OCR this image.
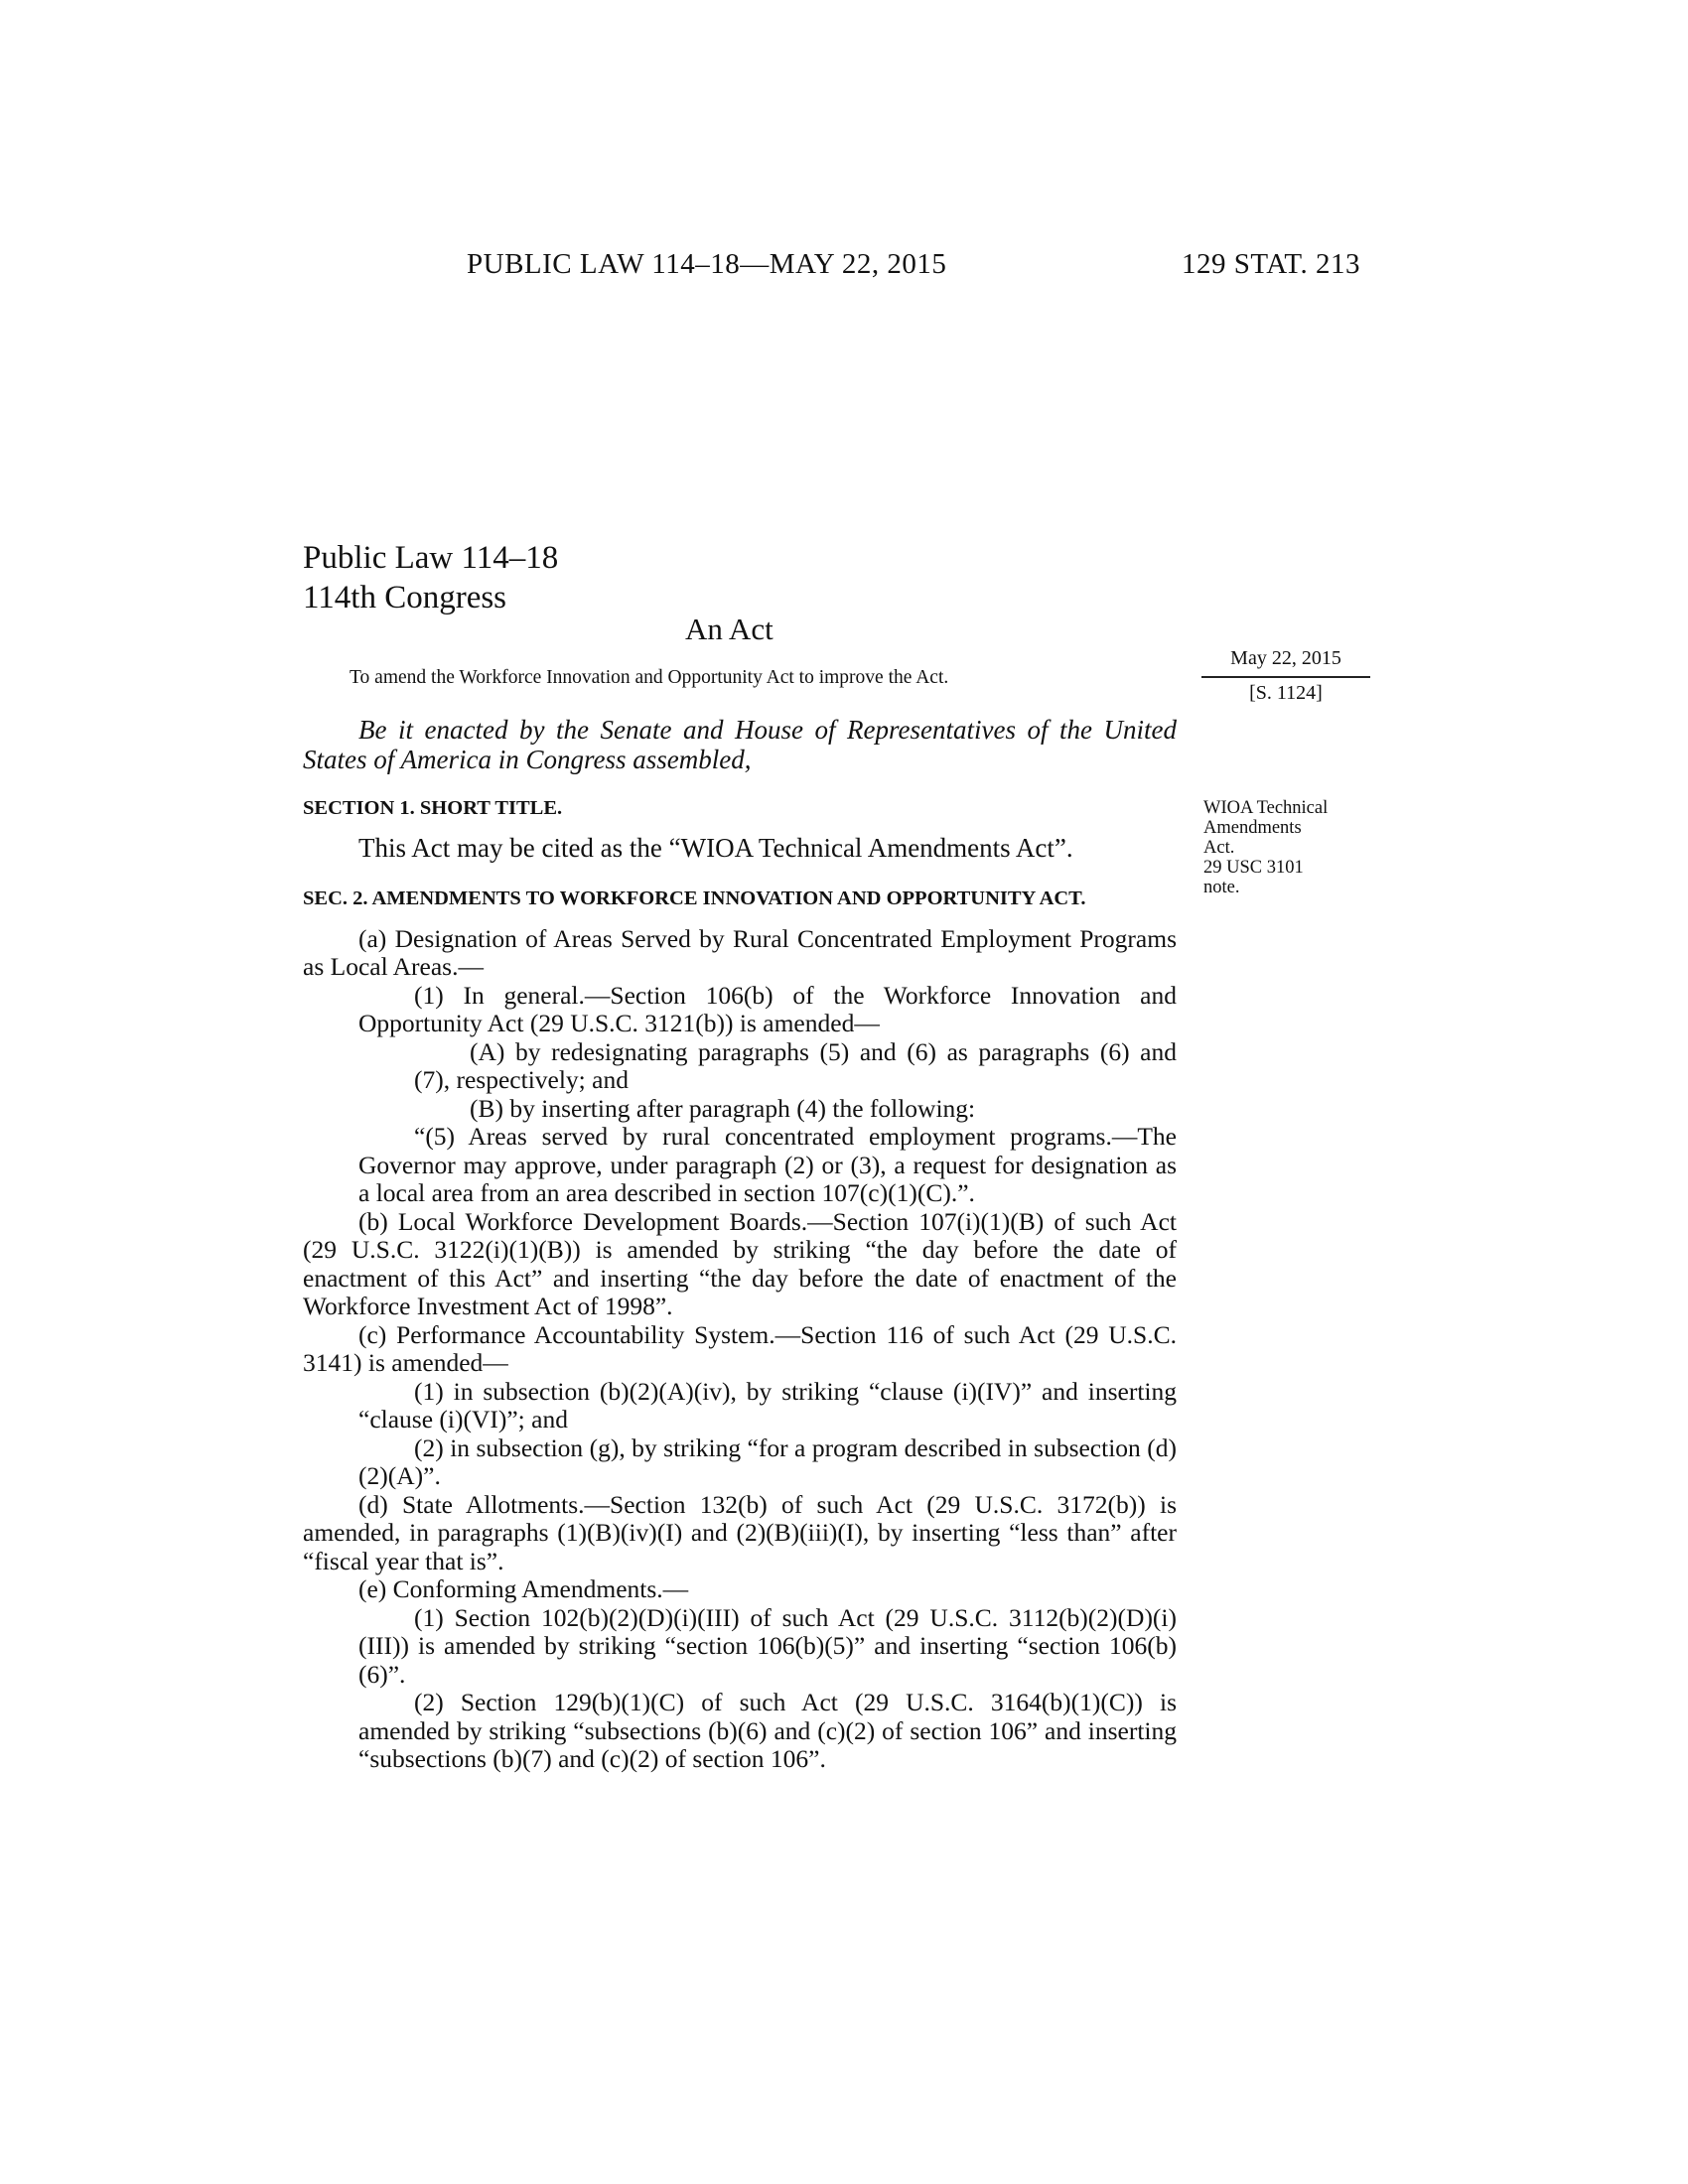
PUBLIC LAW 114–18—MAY 22, 2015	129 STAT. 213
Public Law 114–18
114th Congress
An Act
To amend the Workforce Innovation and Opportunity Act to improve the Act.
May 22, 2015
[S. 1124]
WIOA Technical
Amendments
Act.
29 USC 3101
note.

Be it enacted by the Senate and House of Representatives of the United States of America in Congress assembled,

SECTION 1. SHORT TITLE.

This Act may be cited as the “WIOA Technical Amendments Act”.

SEC. 2. AMENDMENTS TO WORKFORCE INNOVATION AND OPPORTUNITY ACT.

(a) Designation of Areas Served by Rural Concentrated Employment Programs as Local Areas.—

(1) In general.—Section 106(b) of the Workforce Innovation and Opportunity Act (29 U.S.C. 3121(b)) is amended—

(A) by redesignating paragraphs (5) and (6) as paragraphs (6) and (7), respectively; and

(B) by inserting after paragraph (4) the following:

“(5) Areas served by rural concentrated employment programs.—The Governor may approve, under paragraph (2) or (3), a request for designation as a local area from an area described in section 107(c)(1)(C).”.

(b) Local Workforce Development Boards.—Section 107(i)(1)(B) of such Act (29 U.S.C. 3122(i)(1)(B)) is amended by striking “the day before the date of enactment of this Act” and inserting “the day before the date of enactment of the Workforce Investment Act of 1998”.

(c) Performance Accountability System.—Section 116 of such Act (29 U.S.C. 3141) is amended—

(1) in subsection (b)(2)(A)(iv), by striking “clause (i)(IV)” and inserting “clause (i)(VI)”; and

(2) in subsection (g), by striking “for a program described in subsection (d)(2)(A)”.

(d) State Allotments.—Section 132(b) of such Act (29 U.S.C. 3172(b)) is amended, in paragraphs (1)(B)(iv)(I) and (2)(B)(iii)(I), by inserting “less than” after “fiscal year that is”.

(e) Conforming Amendments.—

(1) Section 102(b)(2)(D)(i)(III) of such Act (29 U.S.C. 3112(b)(2)(D)(i)(III)) is amended by striking “section 106(b)(5)” and inserting “section 106(b)(6)”.

(2) Section 129(b)(1)(C) of such Act (29 U.S.C. 3164(b)(1)(C)) is amended by striking “subsections (b)(6) and (c)(2) of section 106” and inserting “subsections (b)(7) and (c)(2) of section 106”.
